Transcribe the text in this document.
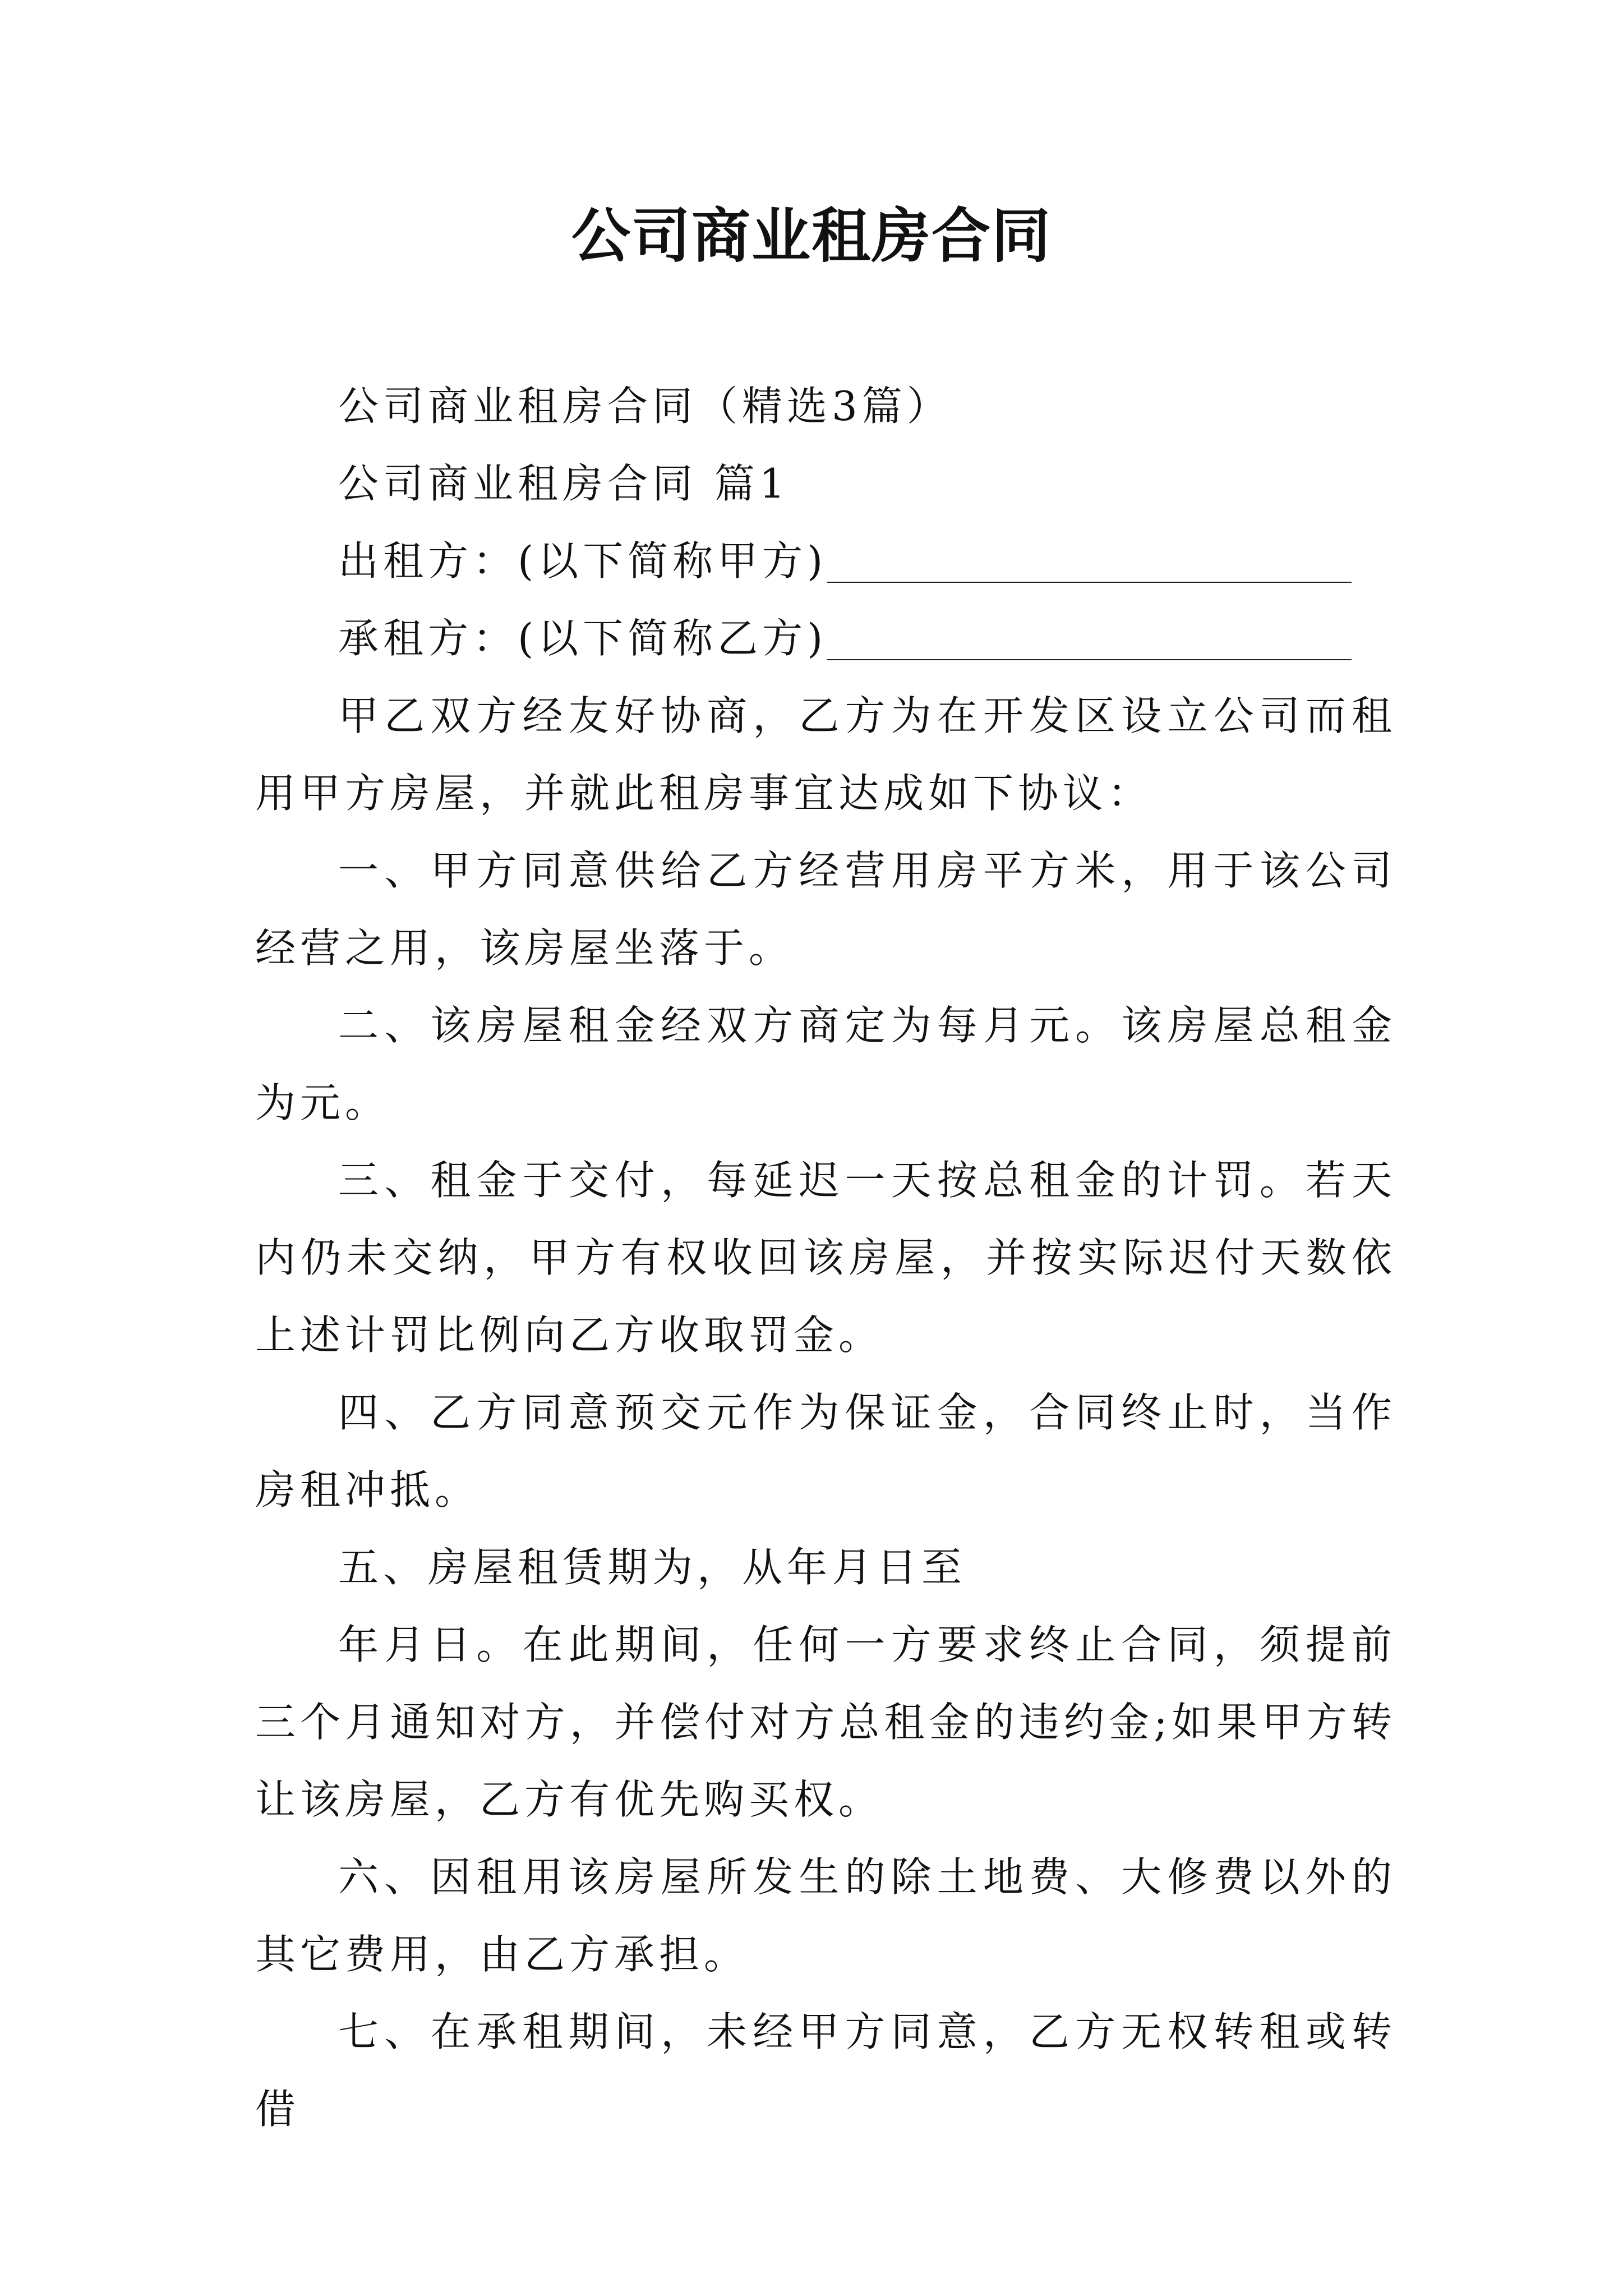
公司商业租房合同

公司商业租房合同（精选3篇）

公司商业租房合同 篇1

出租方：(以下简称甲方)

承租方：(以下简称乙方)

甲乙双方经友好协商，乙方为在开发区设立公司而租用甲方房屋，并就此租房事宜达成如下协议：

一、甲方同意供给乙方经营用房平方米，用于该公司经营之用，该房屋坐落于。

二、该房屋租金经双方商定为每月元。该房屋总租金为元。

三、租金于交付，每延迟一天按总租金的计罚。若天内仍未交纳，甲方有权收回该房屋，并按实际迟付天数依上述计罚比例向乙方收取罚金。

四、乙方同意预交元作为保证金，合同终止时，当作房租冲抵。

五、房屋租赁期为，从年月日至

年月日。在此期间，任何一方要求终止合同，须提前三个月通知对方，并偿付对方总租金的违约金;如果甲方转让该房屋，乙方有优先购买权。

六、因租用该房屋所发生的除土地费、大修费以外的其它费用，由乙方承担。

七、在承租期间，未经甲方同意，乙方无权转租或转借
